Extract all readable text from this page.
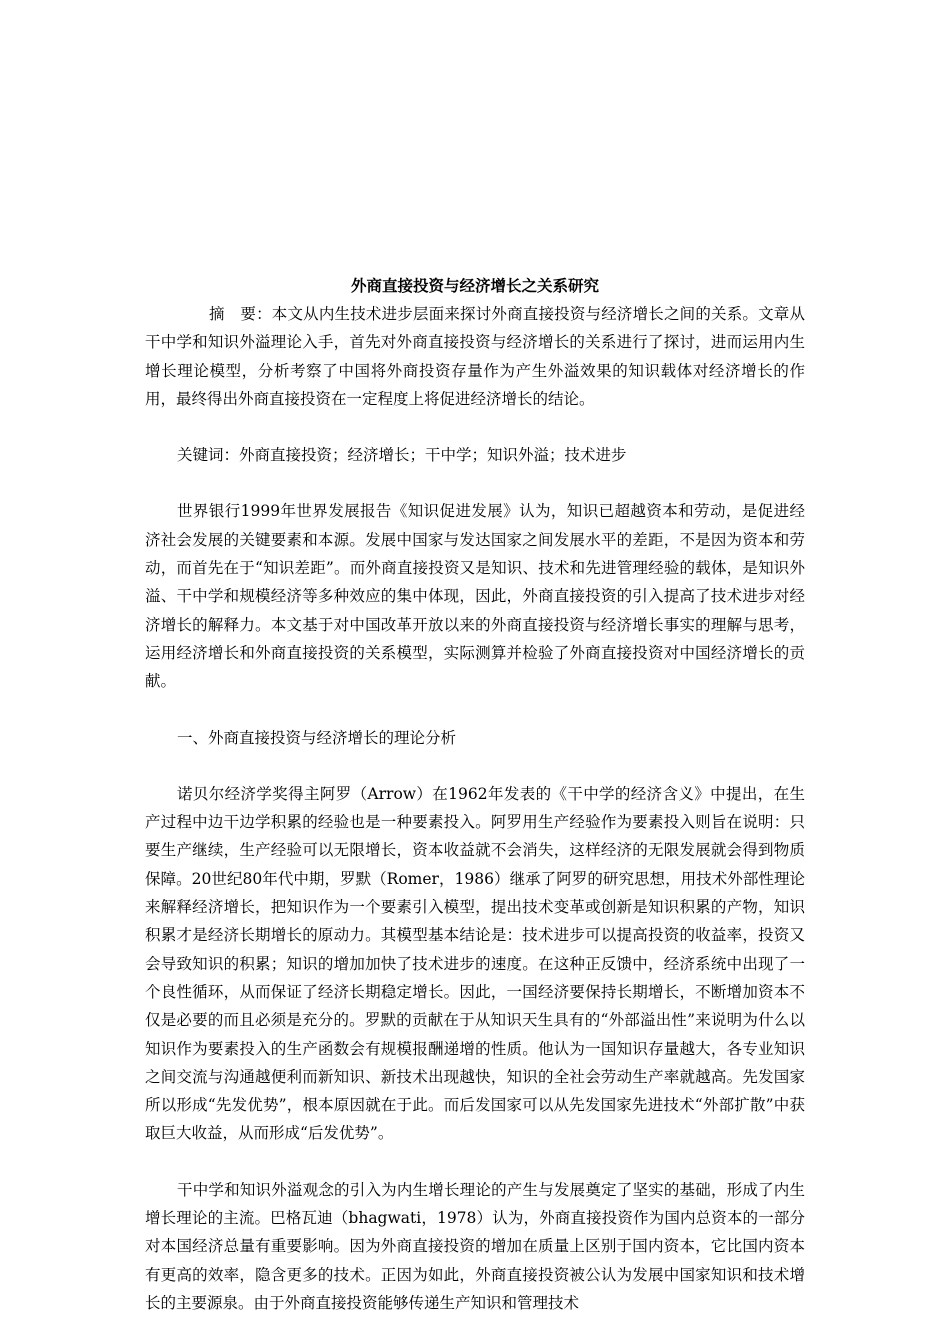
外商直接投资与经济增长之关系研究

摘　要：本文从内生技术进步层面来探讨外商直接投资与经济增长之间的关系。文章从干中学和知识外溢理论入手，首先对外商直接投资与经济增长的关系进行了探讨，进而运用内生增长理论模型，分析考察了中国将外商投资存量作为产生外溢效果的知识载体对经济增长的作用，最终得出外商直接投资在一定程度上将促进经济增长的结论。

关键词：外商直接投资；经济增长；干中学；知识外溢；技术进步

世界银行1999年世界发展报告《知识促进发展》认为，知识已超越资本和劳动，是促进经济社会发展的关键要素和本源。发展中国家与发达国家之间发展水平的差距，不是因为资本和劳动，而首先在于“知识差距”。而外商直接投资又是知识、技术和先进管理经验的载体，是知识外溢、干中学和规模经济等多种效应的集中体现，因此，外商直接投资的引入提高了技术进步对经济增长的解释力。本文基于对中国改革开放以来的外商直接投资与经济增长事实的理解与思考，运用经济增长和外商直接投资的关系模型，实际测算并检验了外商直接投资对中国经济增长的贡献。

一、外商直接投资与经济增长的理论分析

诺贝尔经济学奖得主阿罗（Arrow）在1962年发表的《干中学的经济含义》中提出，在生产过程中边干边学积累的经验也是一种要素投入。阿罗用生产经验作为要素投入则旨在说明：只要生产继续，生产经验可以无限增长，资本收益就不会消失，这样经济的无限发展就会得到物质保障。20世纪80年代中期，罗默（Romer，1986）继承了阿罗的研究思想，用技术外部性理论来解释经济增长，把知识作为一个要素引入模型，提出技术变革或创新是知识积累的产物，知识积累才是经济长期增长的原动力。其模型基本结论是：技术进步可以提高投资的收益率，投资又会导致知识的积累；知识的增加加快了技术进步的速度。在这种正反馈中，经济系统中出现了一个良性循环，从而保证了经济长期稳定增长。因此，一国经济要保持长期增长，不断增加资本不仅是必要的而且必须是充分的。罗默的贡献在于从知识天生具有的“外部溢出性”来说明为什么以知识作为要素投入的生产函数会有规模报酬递增的性质。他认为一国知识存量越大，各专业知识之间交流与沟通越便利而新知识、新技术出现越快，知识的全社会劳动生产率就越高。先发国家所以形成“先发优势”，根本原因就在于此。而后发国家可以从先发国家先进技术“外部扩散”中获取巨大收益，从而形成“后发优势”。

干中学和知识外溢观念的引入为内生增长理论的产生与发展奠定了坚实的基础，形成了内生增长理论的主流。巴格瓦迪（bhagwati，1978）认为，外商直接投资作为国内总资本的一部分对本国经济总量有重要影响。因为外商直接投资的增加在质量上区别于国内资本，它比国内资本有更高的效率，隐含更多的技术。正因为如此，外商直接投资被公认为发展中国家知识和技术增长的主要源泉。由于外商直接投资能够传递生产知识和管理技术
